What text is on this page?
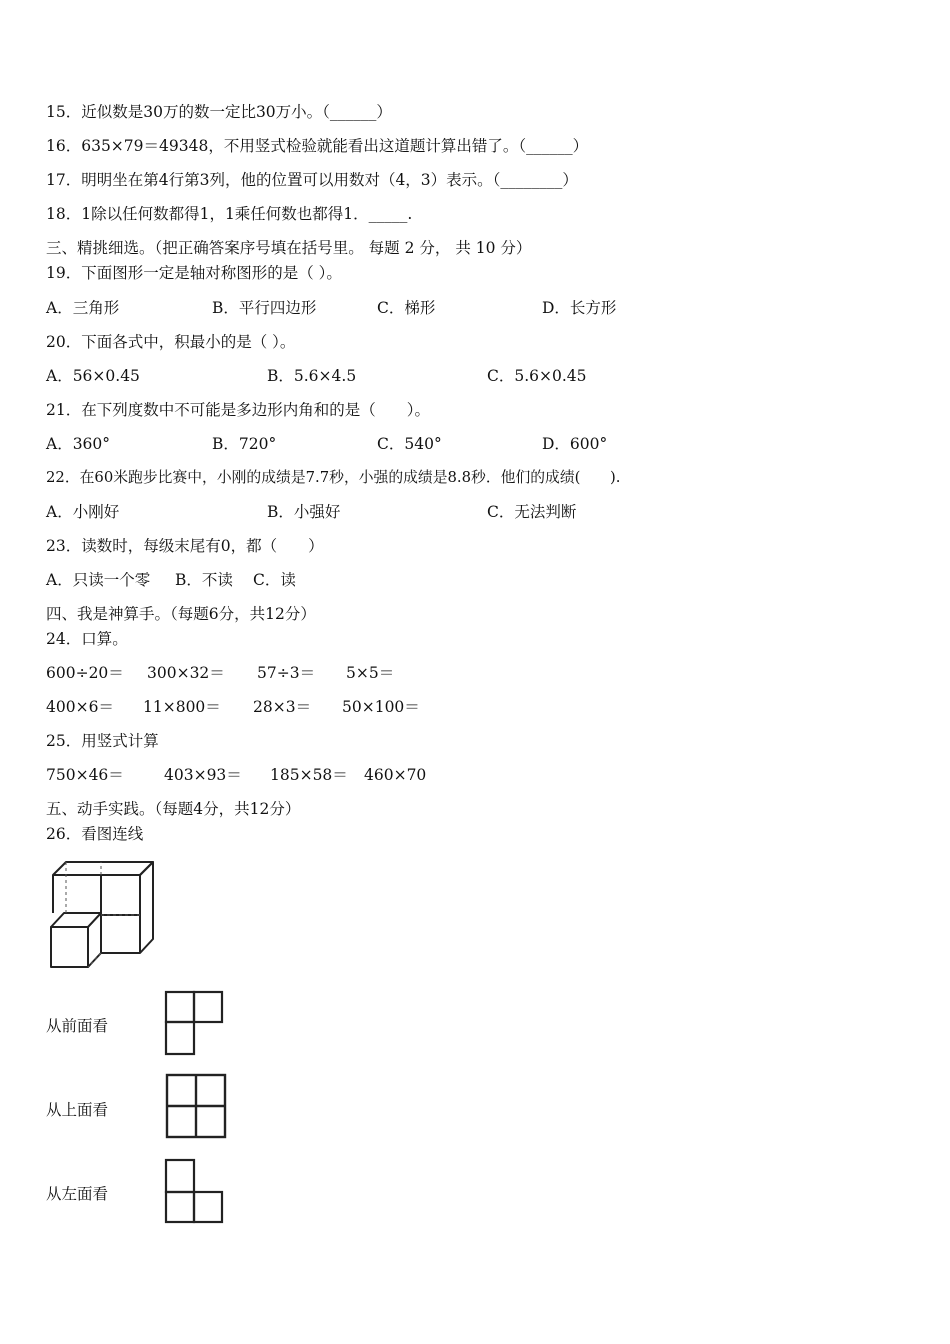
15．近似数是30万的数一定比30万小。（______）
16．635×79＝49348，不用竖式检验就能看出这道题计算出错了。（______）
17．明明坐在第4行第3列，他的位置可以用数对（4，3）表示。（________）
18．1除以任何数都得1，1乘任何数也都得1．_____.
三、精挑细选。（把正确答案序号填在括号里。 每题 2 分， 共 10 分）
19．下面图形一定是轴对称图形的是（ ）。
A．三角形	B．平行四边形	C．梯形	D．长方形
20．下面各式中，积最小的是（ ）。
A．56×0.45	B．5.6×4.5	C．5.6×0.45
21．在下列度数中不可能是多边形内角和的是（　　）。
A．360°	B．720°	C．540°	D．600°
22．在60米跑步比赛中，小刚的成绩是7.7秒，小强的成绩是8.8秒．他们的成绩(　　).
A．小刚好	B．小强好	C．无法判断
23．读数时，每级末尾有0，都（　　）
A．只读一个零 B．不读 C．读
四、我是神算手。（每题6分，共12分）
24．口算。
600÷20＝ 300×32＝ 57÷3＝ 5×5＝
400×6＝ 11×800＝ 28×3＝ 50×100＝
25．用竖式计算
750×46＝	403×93＝ 185×58＝ 460×70
五、动手实践。（每题4分，共12分）
26．看图连线
从前面看
从上面看
从左面看
